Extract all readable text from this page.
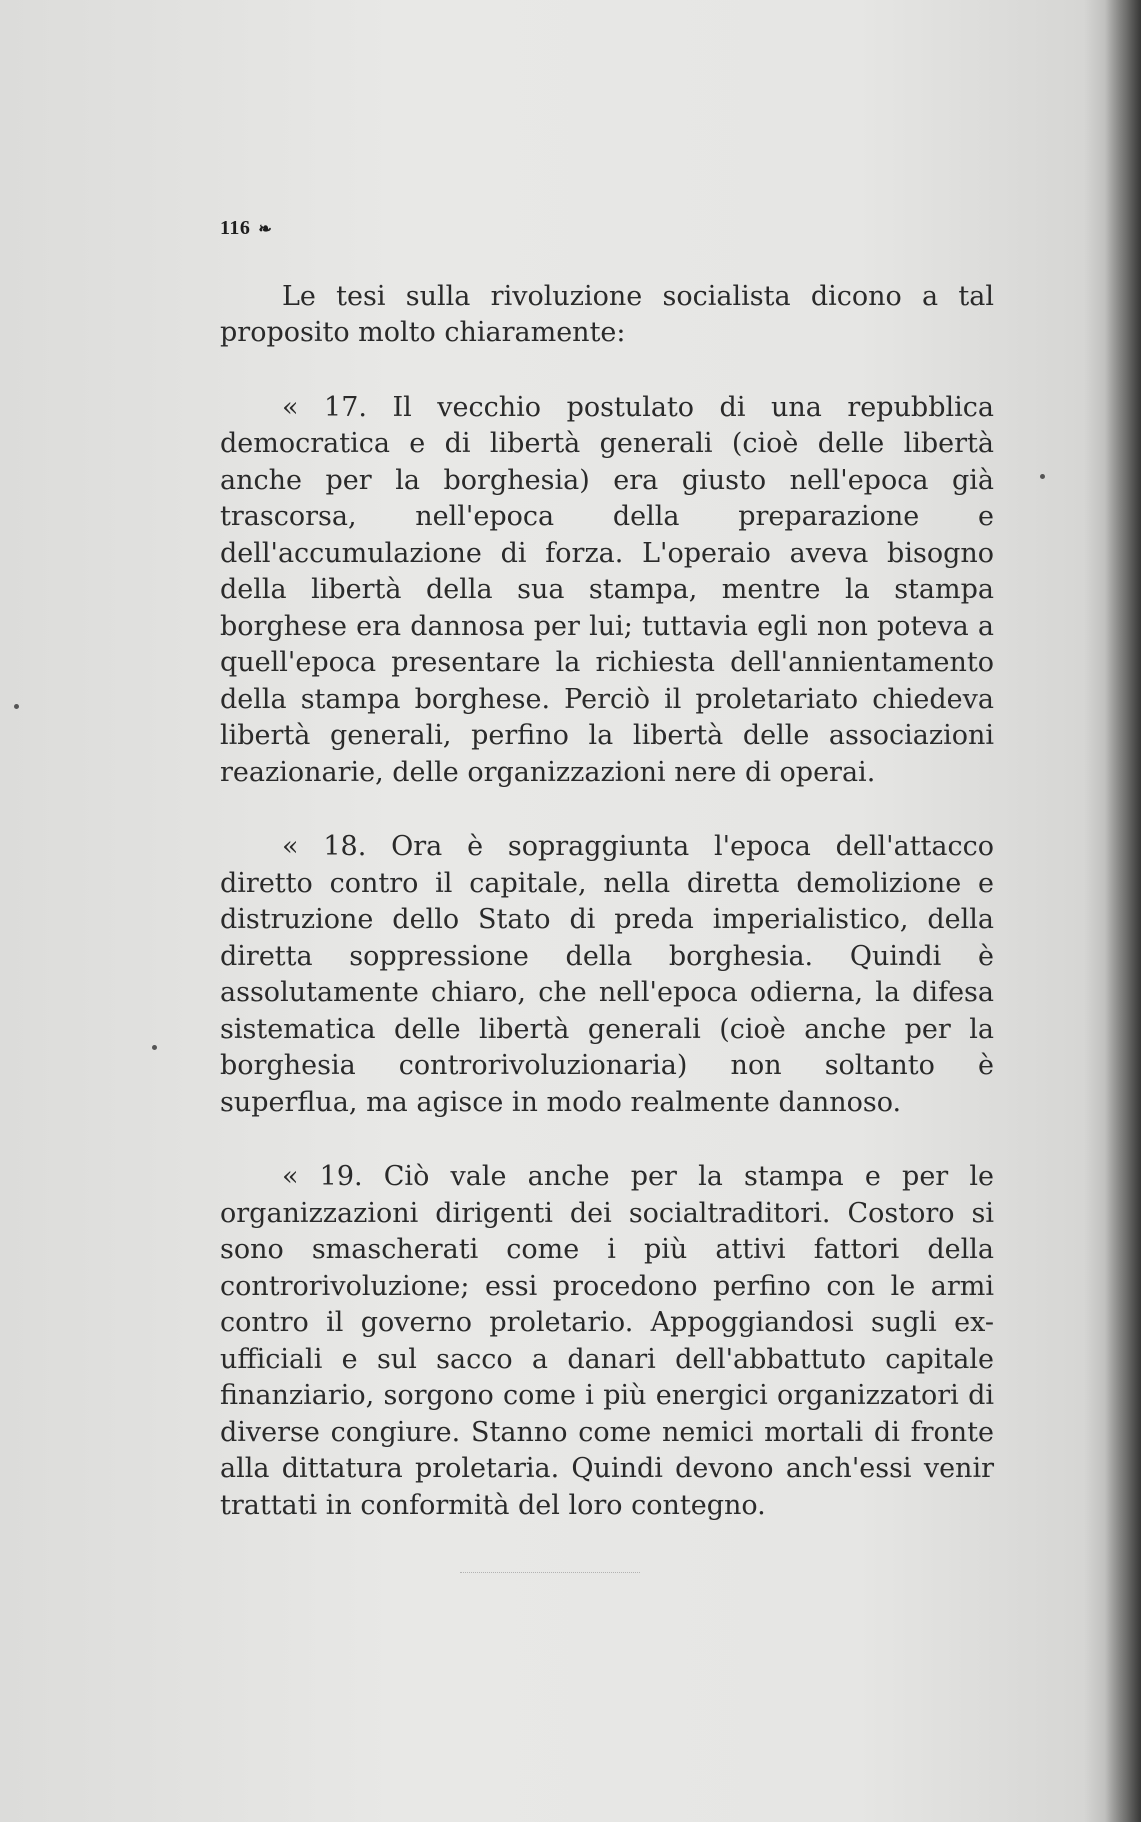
116 ❧

Le tesi sulla rivoluzione socialista dicono a tal proposito molto chiaramente:

« 17. Il vecchio postulato di una repubblica democratica e di libertà generali (cioè delle libertà anche per la borghesia) era giusto nell'epoca già trascorsa, nell'epoca della preparazione e dell'accumulazione di forza. L'operaio aveva bisogno della libertà della sua stampa, mentre la stampa borghese era dannosa per lui; tuttavia egli non poteva a quell'epoca presentare la richiesta dell'annientamento della stampa borghese. Perciò il proletariato chiedeva libertà generali, perfino la libertà delle associazioni reazionarie, delle organizzazioni nere di operai.

« 18. Ora è sopraggiunta l'epoca dell'attacco diretto contro il capitale, nella diretta demolizione e distruzione dello Stato di preda imperialistico, della diretta soppressione della borghesia. Quindi è assolutamente chiaro, che nell'epoca odierna, la difesa sistematica delle libertà generali (cioè anche per la borghesia controrivoluzionaria) non soltanto è superflua, ma agisce in modo realmente dannoso.

« 19. Ciò vale anche per la stampa e per le organizzazioni dirigenti dei socialtraditori. Costoro si sono smascherati come i più attivi fattori della controrivoluzione; essi procedono perfino con le armi contro il governo proletario. Appoggiandosi sugli ex-ufficiali e sul sacco a danari dell'abbattuto capitale finanziario, sorgono come i più energici organizzatori di diverse congiure. Stanno come nemici mortali di fronte alla dittatura proletaria. Quindi devono anch'essi venir trattati in conformità del loro contegno.
